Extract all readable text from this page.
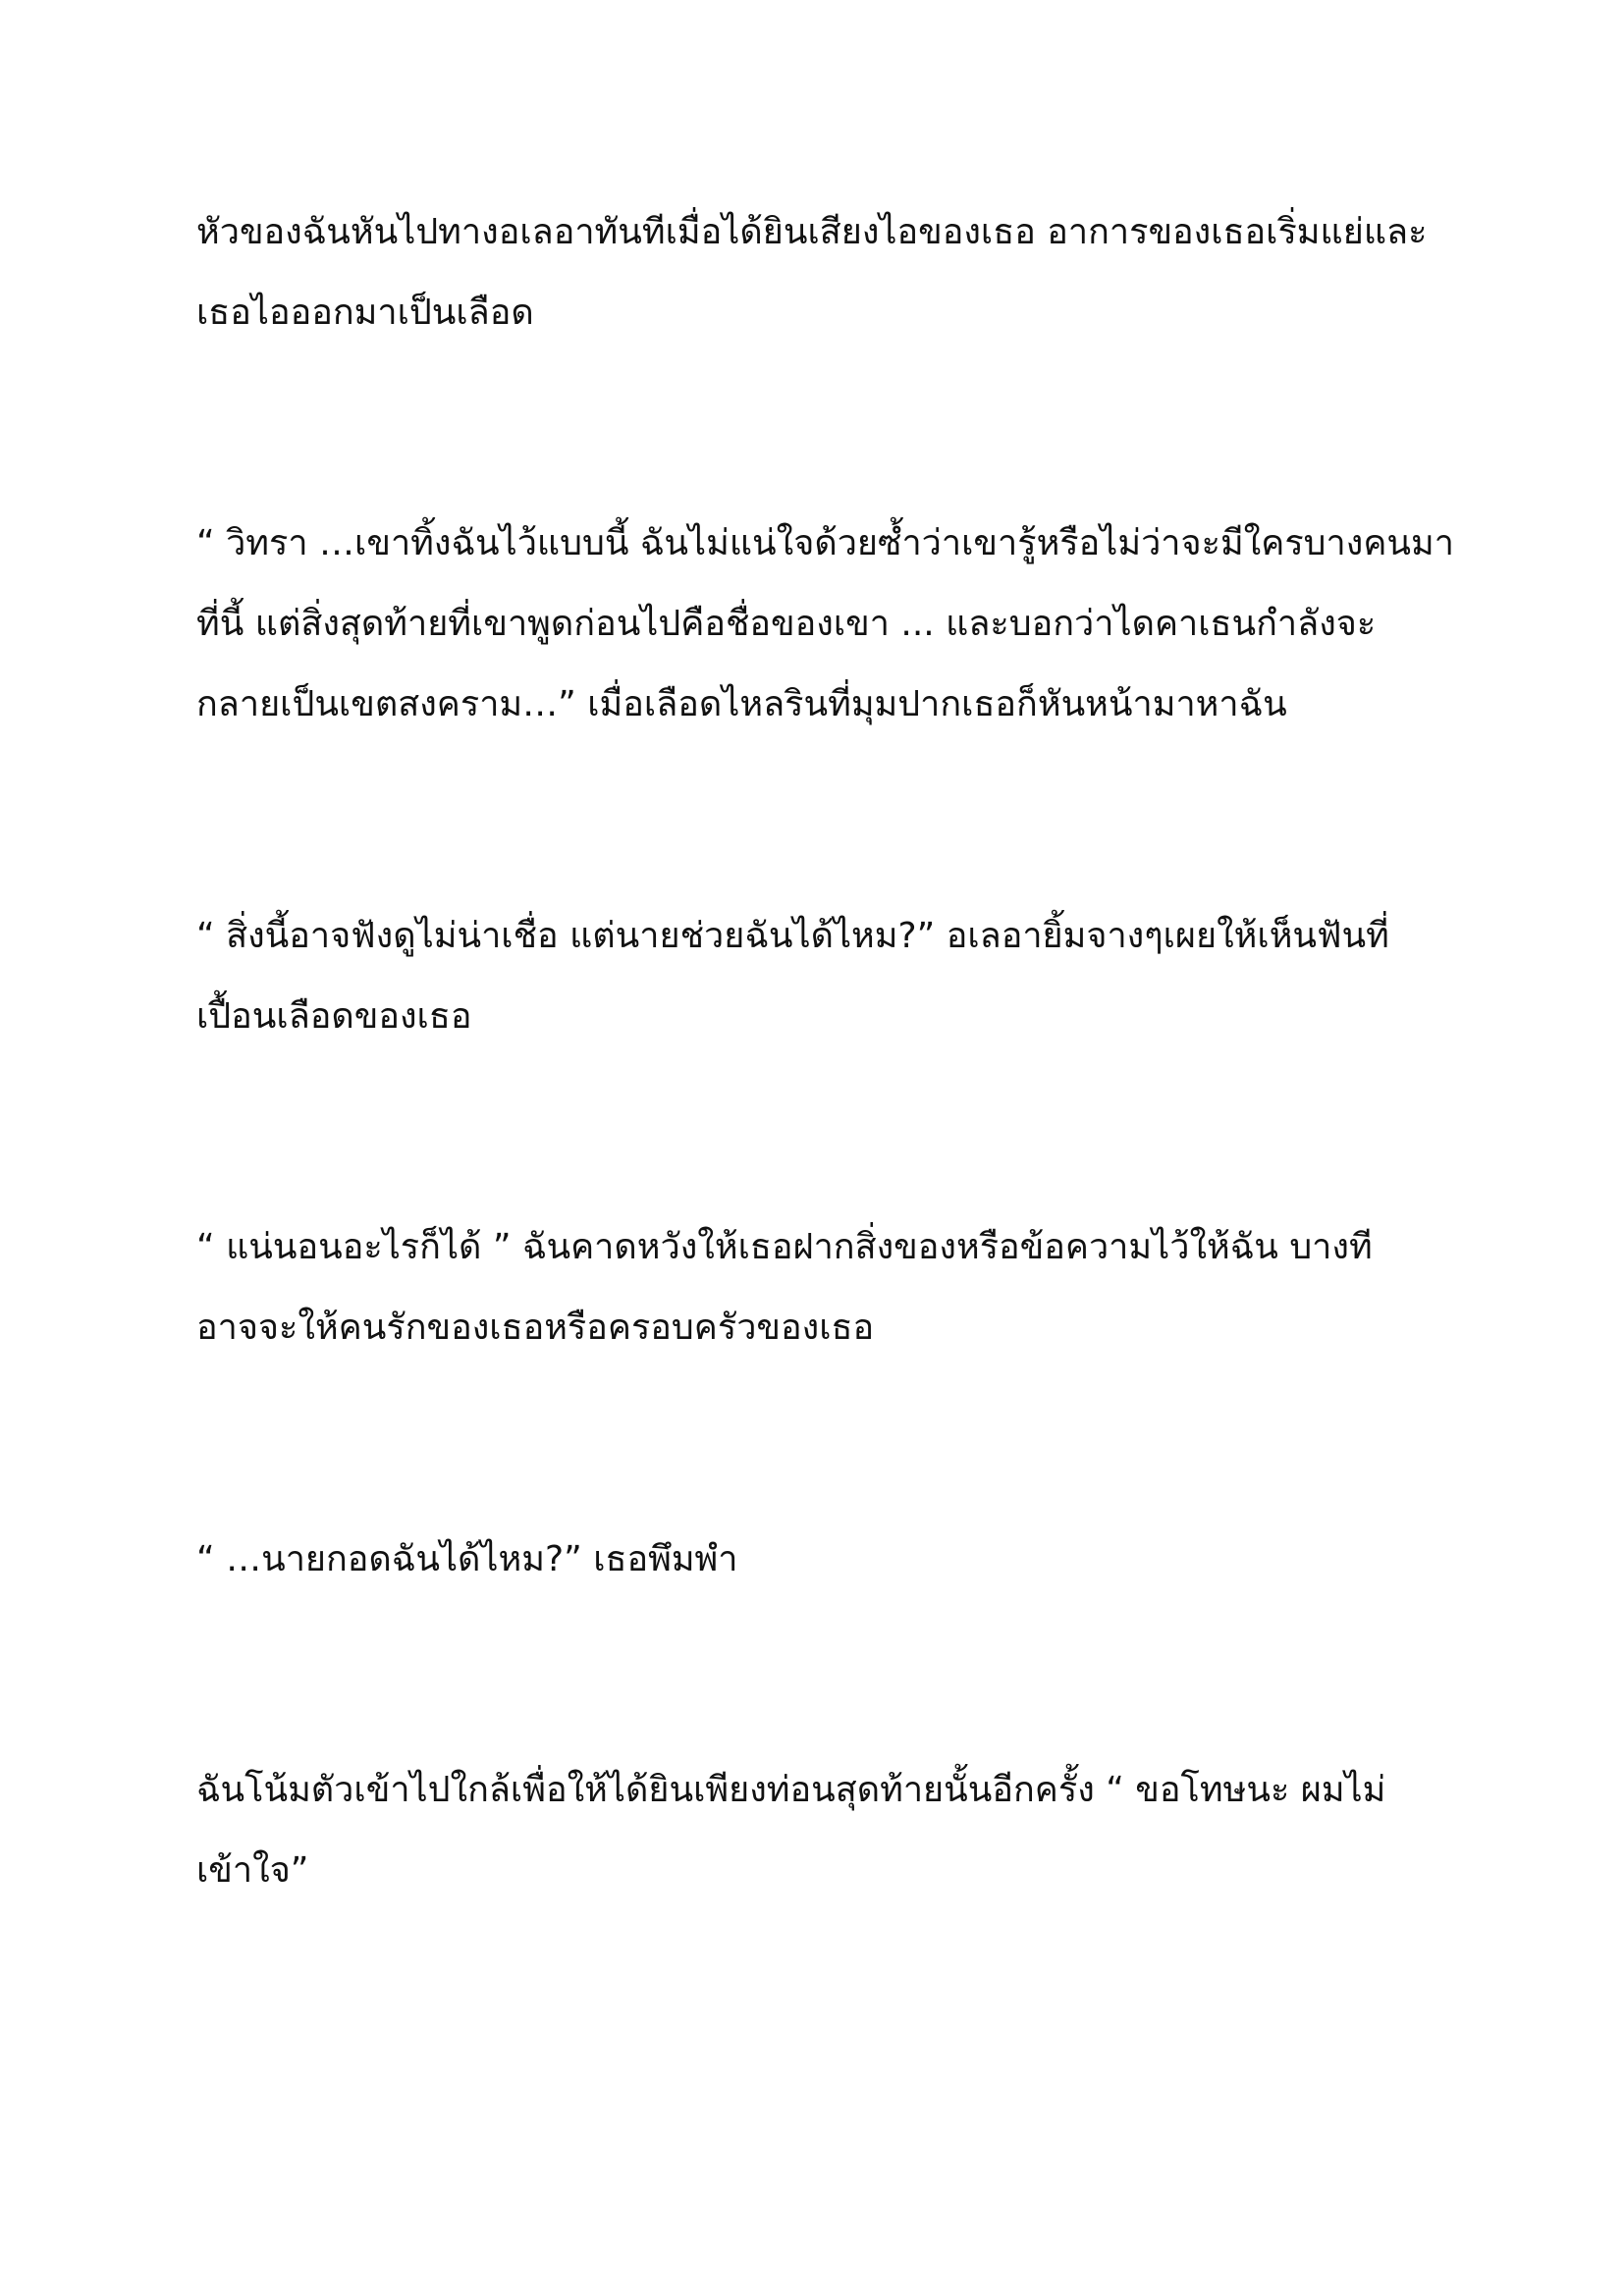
หัวของฉันหันไปทางอเลอาทันทีเมื่อได้ยินเสียงไอของเธอ อาการของเธอเริ่มแย่และ
เธอไอออกมาเป็นเลือด

“ วิทรา …เขาทิ้งฉันไว้แบบนี้ ฉันไม่แน่ใจด้วยซ้ำว่าเขารู้หรือไม่ว่าจะมีใครบางคนมา
ที่นี้ แต่สิ่งสุดท้ายที่เขาพูดก่อนไปคือชื่อของเขา ... และบอกว่าไดคาเธนกำลังจะ
กลายเป็นเขตสงคราม…” เมื่อเลือดไหลรินที่มุมปากเธอก็หันหน้ามาหาฉัน

“ สิ่งนี้อาจฟังดูไม่น่าเชื่อ แต่นายช่วยฉันได้ไหม?” อเลอายิ้มจางๆเผยให้เห็นฟันที่
เปื้อนเลือดของเธอ

“ แน่นอนอะไรก็ได้ ” ฉันคาดหวังให้เธอฝากสิ่งของหรือข้อความไว้ให้ฉัน บางที
อาจจะให้คนรักของเธอหรือครอบครัวของเธอ

“ …นายกอดฉันได้ไหม?” เธอพึมพำ

ฉันโน้มตัวเข้าไปใกล้เพื่อให้ได้ยินเพียงท่อนสุดท้ายนั้นอีกครั้ง “ ขอโทษนะ ผมไม่
เข้าใจ”
